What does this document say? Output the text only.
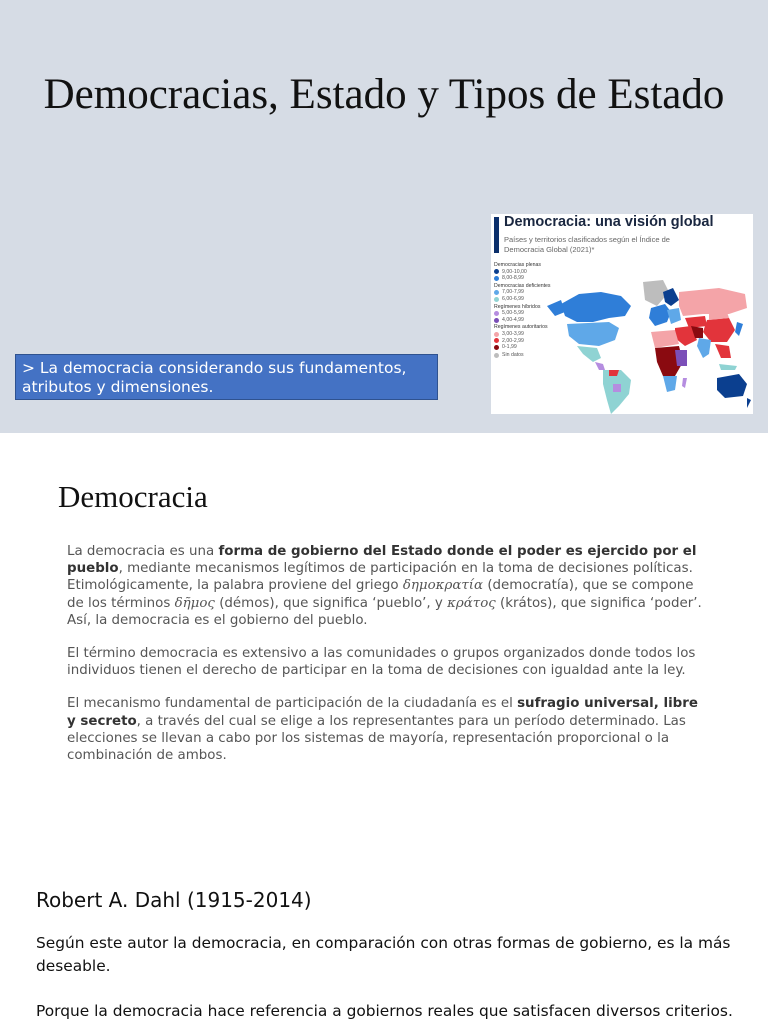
Democracias, Estado y Tipos de Estado
> La democracia considerando sus fundamentos, atributos y dimensiones.
Democracia: una visión global
Países y territorios clasificados según el Índice de Democracia Global (2021)*
Democracias plenas
9,00-10,00
8,00-8,99
Democracias deficientes
7,00-7,99
6,00-6,99
Regímenes híbridos
5,00-5,99
4,00-4,99
Regímenes autoritarios
3,00-3,99
2,00-2,99
0-1,99
Sin datos
Democracia

La democracia es una forma de gobierno del Estado donde el poder es ejercido por el pueblo, mediante mecanismos legítimos de participación en la toma de decisiones políticas. Etimológicamente, la palabra proviene del griego δημοκρατία (democratía), que se compone de los términos δῆμος (démos), que significa ‘pueblo’, y κράτος (krátos), que significa ‘poder’. Así, la democracia es el gobierno del pueblo.

El término democracia es extensivo a las comunidades o grupos organizados donde todos los individuos tienen el derecho de participar en la toma de decisiones con igualdad ante la ley.

El mecanismo fundamental de participación de la ciudadanía es el sufragio universal, libre y secreto, a través del cual se elige a los representantes para un período determinado. Las elecciones se llevan a cabo por los sistemas de mayoría, representación proporcional o la combinación de ambos.

Robert A. Dahl (1915-2014)

Según este autor la democracia, en comparación con otras formas de gobierno, es la más deseable.

Porque la democracia hace referencia a gobiernos reales que satisfacen diversos criterios.
